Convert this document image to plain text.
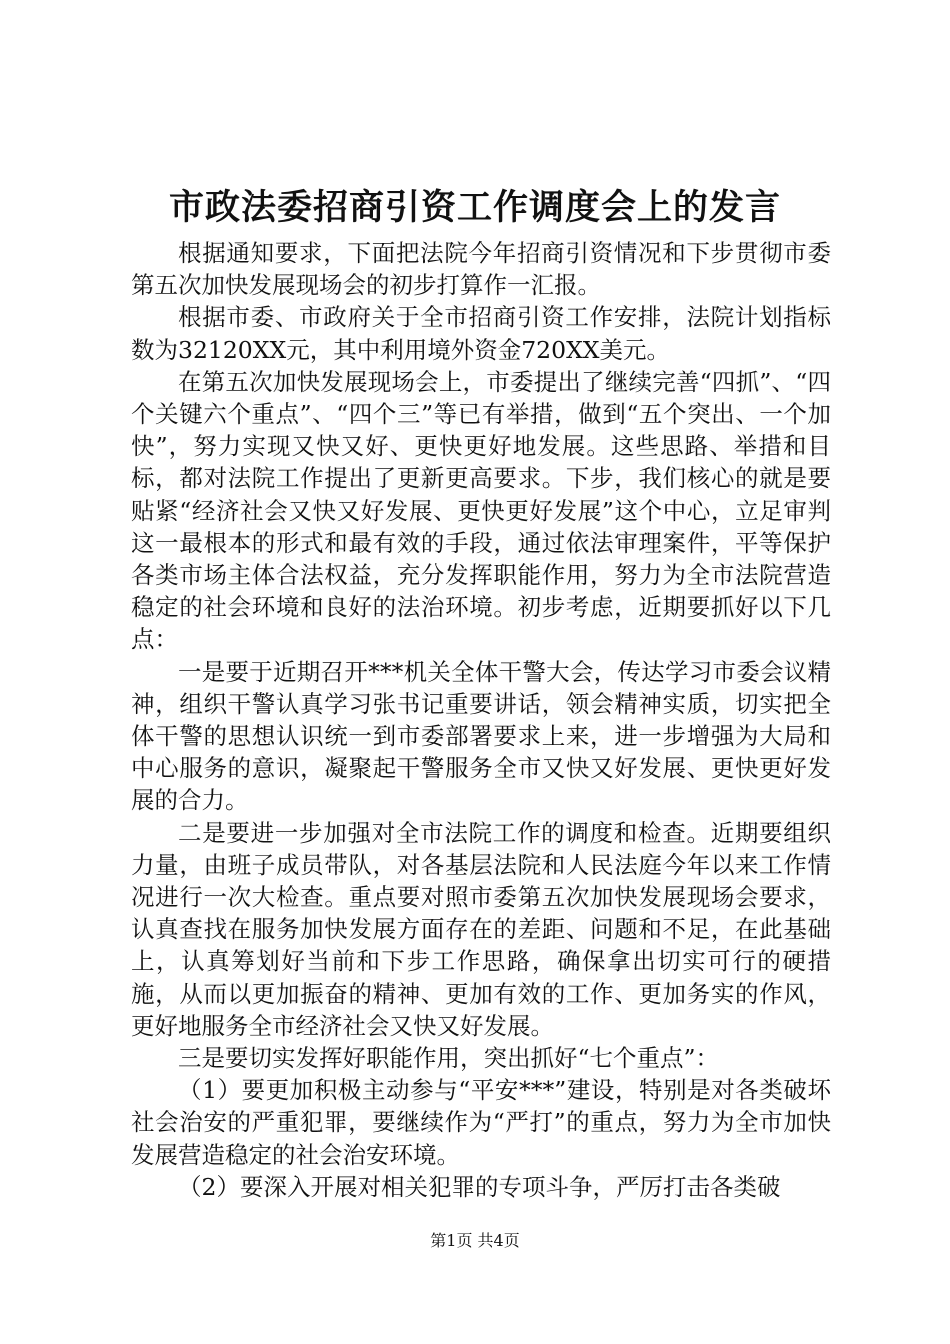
市政法委招商引资工作调度会上的发言

根据通知要求，下面把法院今年招商引资情况和下步贯彻市委第五次加快发展现场会的初步打算作一汇报。

根据市委、市政府关于全市招商引资工作安排，法院计划指标数为32120XX元，其中利用境外资金720XX美元。

在第五次加快发展现场会上，市委提出了继续完善“四抓”、“四个关键六个重点”、“四个三”等已有举措，做到“五个突出、一个加快”，努力实现又快又好、更快更好地发展。这些思路、举措和目标，都对法院工作提出了更新更高要求。下步，我们核心的就是要贴紧“经济社会又快又好发展、更快更好发展”这个中心，立足审判这一最根本的形式和最有效的手段，通过依法审理案件，平等保护各类市场主体合法权益，充分发挥职能作用，努力为全市法院营造稳定的社会环境和良好的法治环境。初步考虑，近期要抓好以下几点：

一是要于近期召开***机关全体干警大会，传达学习市委会议精神，组织干警认真学习张书记重要讲话，领会精神实质，切实把全体干警的思想认识统一到市委部署要求上来，进一步增强为大局和中心服务的意识，凝聚起干警服务全市又快又好发展、更快更好发展的合力。

二是要进一步加强对全市法院工作的调度和检查。近期要组织力量，由班子成员带队，对各基层法院和人民法庭今年以来工作情况进行一次大检查。重点要对照市委第五次加快发展现场会要求，认真查找在服务加快发展方面存在的差距、问题和不足，在此基础上，认真筹划好当前和下步工作思路，确保拿出切实可行的硬措施，从而以更加振奋的精神、更加有效的工作、更加务实的作风，更好地服务全市经济社会又快又好发展。

三是要切实发挥好职能作用，突出抓好“七个重点”：

（1）要更加积极主动参与“平安***”建设，特别是对各类破坏社会治安的严重犯罪，要继续作为“严打”的重点，努力为全市加快发展营造稳定的社会治安环境。

（2）要深入开展对相关犯罪的专项斗争，严厉打击各类破

第1页 共4页
